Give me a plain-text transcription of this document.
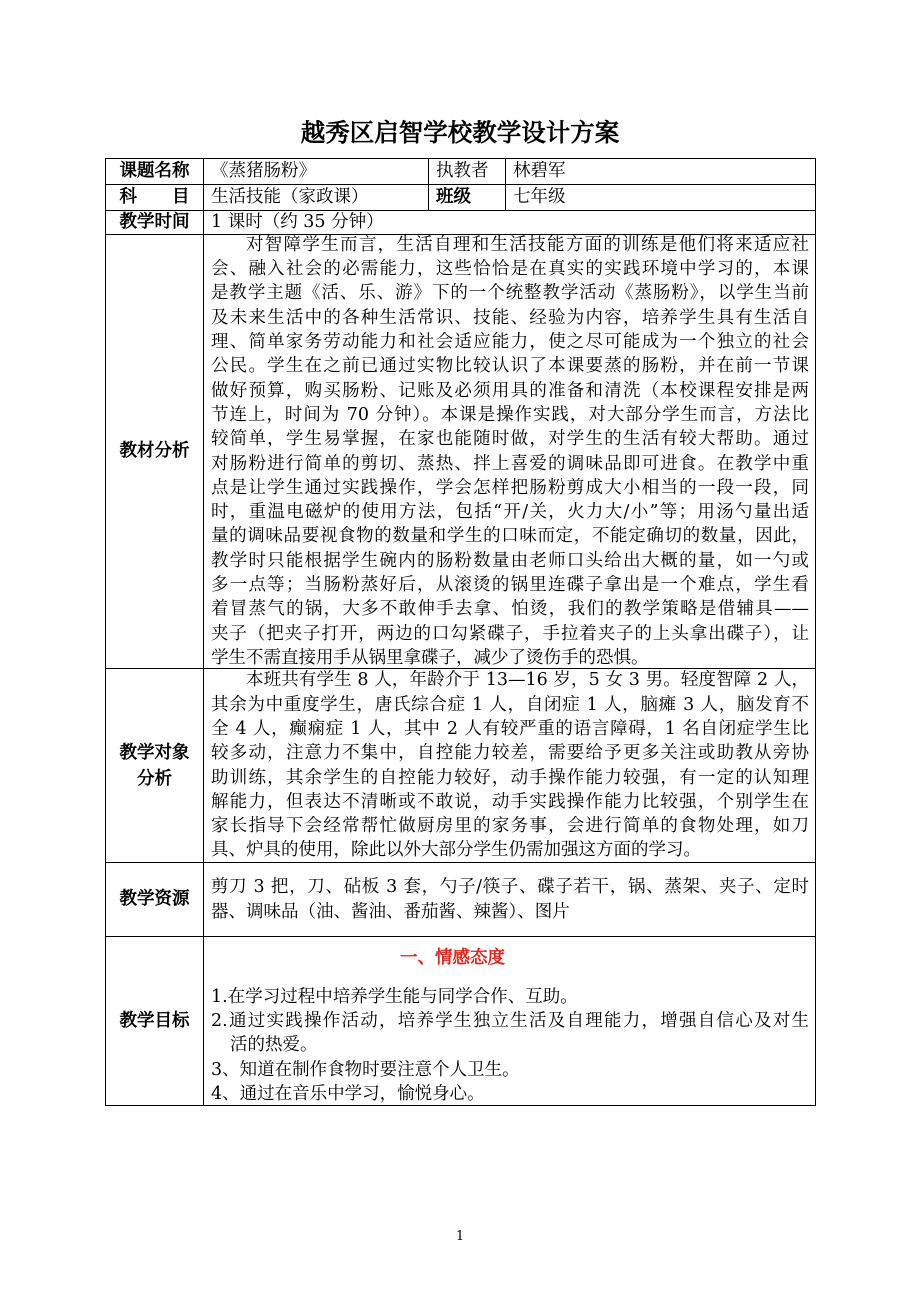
越秀区启智学校教学设计方案
课题名称 《蒸猪肠粉》	执教者 林碧军
科　　目 生活技能（家政课）	班级 七年级
教学时间 1 课时（约 35 分钟）
教材分析
对智障学生而言，生活自理和生活技能方面的训练是他们将来适应社
会、融入社会的必需能力，这些恰恰是在真实的实践环境中学习的，本课
是教学主题《活、乐、游》下的一个统整教学活动《蒸肠粉》，以学生当前
及未来生活中的各种生活常识、技能、经验为内容，培养学生具有生活自
理、简单家务劳动能力和社会适应能力，使之尽可能成为一个独立的社会
公民。学生在之前已通过实物比较认识了本课要蒸的肠粉，并在前一节课
做好预算，购买肠粉、记账及必须用具的准备和清洗（本校课程安排是两
节连上，时间为 70 分钟）。本课是操作实践，对大部分学生而言，方法比
较简单，学生易掌握，在家也能随时做，对学生的生活有较大帮助。通过
对肠粉进行简单的剪切、蒸热、拌上喜爱的调味品即可进食。在教学中重
点是让学生通过实践操作，学会怎样把肠粉剪成大小相当的一段一段，同
时，重温电磁炉的使用方法，包括“开/关，火力大/小”等；用汤勺量出适
量的调味品要视食物的数量和学生的口味而定，不能定确切的数量，因此，
教学时只能根据学生碗内的肠粉数量由老师口头给出大概的量，如一勺或
多一点等；当肠粉蒸好后，从滚烫的锅里连碟子拿出是一个难点，学生看
着冒蒸气的锅，大多不敢伸手去拿、怕烫，我们的教学策略是借辅具——
夹子（把夹子打开，两边的口勾紧碟子，手拉着夹子的上头拿出碟子），让
学生不需直接用手从锅里拿碟子，减少了烫伤手的恐惧。
教学对象分析
本班共有学生 8 人，年龄介于 13—16 岁，5 女 3 男。轻度智障 2 人，
其余为中重度学生，唐氏综合症 1 人，自闭症 1 人，脑瘫 3 人，脑发育不
全 4 人，癫痫症 1 人，其中 2 人有较严重的语言障碍，1 名自闭症学生比
较多动，注意力不集中，自控能力较差，需要给予更多关注或助教从旁协
助训练，其余学生的自控能力较好，动手操作能力较强，有一定的认知理
解能力，但表达不清晰或不敢说，动手实践操作能力比较强，个别学生在
家长指导下会经常帮忙做厨房里的家务事，会进行简单的食物处理，如刀
具、炉具的使用，除此以外大部分学生仍需加强这方面的学习。
教学资源
剪刀 3 把，刀、砧板 3 套，勺子/筷子、碟子若干，锅、蒸架、夹子、定时
器、调味品（油、酱油、番茄酱、辣酱）、图片
教学目标
一、情感态度
1.在学习过程中培养学生能与同学合作、互助。
2.通过实践操作活动，培养学生独立生活及自理能力，增强自信心及对生
活的热爱。
3、知道在制作食物时要注意个人卫生。
4、通过在音乐中学习，愉悦身心。
1
